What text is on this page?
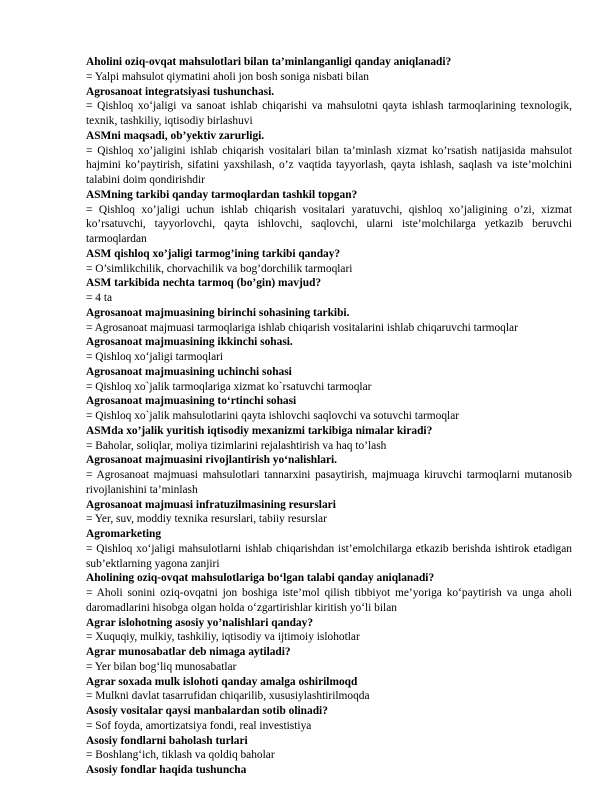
Aholini oziq-ovqat mahsulotlari bilan ta’minlanganligi qanday aniqlanadi?
= Yalpi mahsulot qiymatini aholi jon bosh soniga nisbati bilan
Agrosanoat integratsiyasi tushunchasi.
= Qishloq xo‘jaligi va sanoat ishlab chiqarishi va mahsulotni qayta ishlash tarmoqlarining texnologik, texnik, tashkiliy, iqtisodiy birlashuvi
ASMni maqsadi, ob’yektiv zarurligi.
= Qishloq xo’jaligini ishlab chiqarish vositalari bilan ta’minlash xizmat ko’rsatish natijasida mahsulot hajmini ko’paytirish, sifatini yaxshilash, o’z vaqtida tayyorlash, qayta ishlash, saqlash va iste’molchini talabini doim qondirishdir
ASMning tarkibi qanday tarmoqlardan tashkil topgan?
= Qishloq xo’jaligi uchun ishlab chiqarish vositalari yaratuvchi, qishloq xo’jaligining o’zi, xizmat ko’rsatuvchi, tayyorlovchi, qayta ishlovchi, saqlovchi, ularni iste’molchilarga yetkazib beruvchi tarmoqlardan
ASM qishloq xo’jaligi tarmog’ining tarkibi qanday?
= O’simlikchilik, chorvachilik va bog’dorchilik tarmoqlari
ASM tarkibida nechta tarmoq (bo’gin) mavjud?
= 4 ta
Agrosanoat majmuasining birinchi sohasining tarkibi.
= Agrosanoat majmuasi tarmoqlariga ishlab chiqarish vositalarini ishlab chiqaruvchi tarmoqlar
Agrosanoat majmuasining ikkinchi sohasi.
= Qishloq xo‘jaligi tarmoqlari
Agrosanoat majmuasining uchinchi sohasi
= Qishloq xo`jalik tarmoqlariga xizmat ko`rsatuvchi tarmoqlar
Agrosanoat majmuasining to‘rtinchi sohasi
= Qishloq xo`jalik mahsulotlarini qayta ishlovchi saqlovchi va sotuvchi tarmoqlar
ASMda xo’jalik yuritish iqtisodiy mexanizmi tarkibiga nimalar kiradi?
= Baholar, soliqlar, moliya tizimlarini rejalashtirish va haq to’lash
Agrosanoat majmuasini rivojlantirish yo‘nalishlari.
= Agrosanoat majmuasi mahsulotlari tannarxini pasaytirish, majmuaga kiruvchi tarmoqlarni mutanosib rivojlanishini ta’minlash
Agrosanoat majmuasi infratuzilmasining resurslari
= Yer, suv, moddiy texnika resurslari, tabiiy resurslar
Agromarketing
= Qishloq xo‘jaligi mahsulotlarni ishlab chiqarishdan ist’emolchilarga etkazib berishda ishtirok etadigan sub’ektlarning yagona zanjiri
Aholining oziq-ovqat mahsulotlariga bo‘lgan talabi qanday aniqlanadi?
= Aholi sonini oziq-ovqatni jon boshiga iste’mol qilish tibbiyot me’yoriga ko‘paytirish va unga aholi daromadlarini hisobga olgan holda o‘zgartirishlar kiritish yo‘li bilan
Agrar islohotning asosiy yo’nalishlari qanday?
= Xuquqiy, mulkiy, tashkiliy, iqtisodiy va ijtimoiy islohotlar
Agrar munosabatlar deb nimaga aytiladi?
= Yer bilan bog‘liq munosabatlar
Agrar soxada mulk islohoti qanday amalga oshirilmoqd
= Mulkni davlat tasarrufidan chiqarilib, xususiylashtirilmoqda
Asosiy vositalar qaysi manbalardan sotib olinadi?
= Sof foyda, amortizatsiya fondi, real investistiya
Asosiy fondlarni baholash turlari
= Boshlang‘ich, tiklash va qoldiq baholar
Asosiy fondlar haqida tushuncha
